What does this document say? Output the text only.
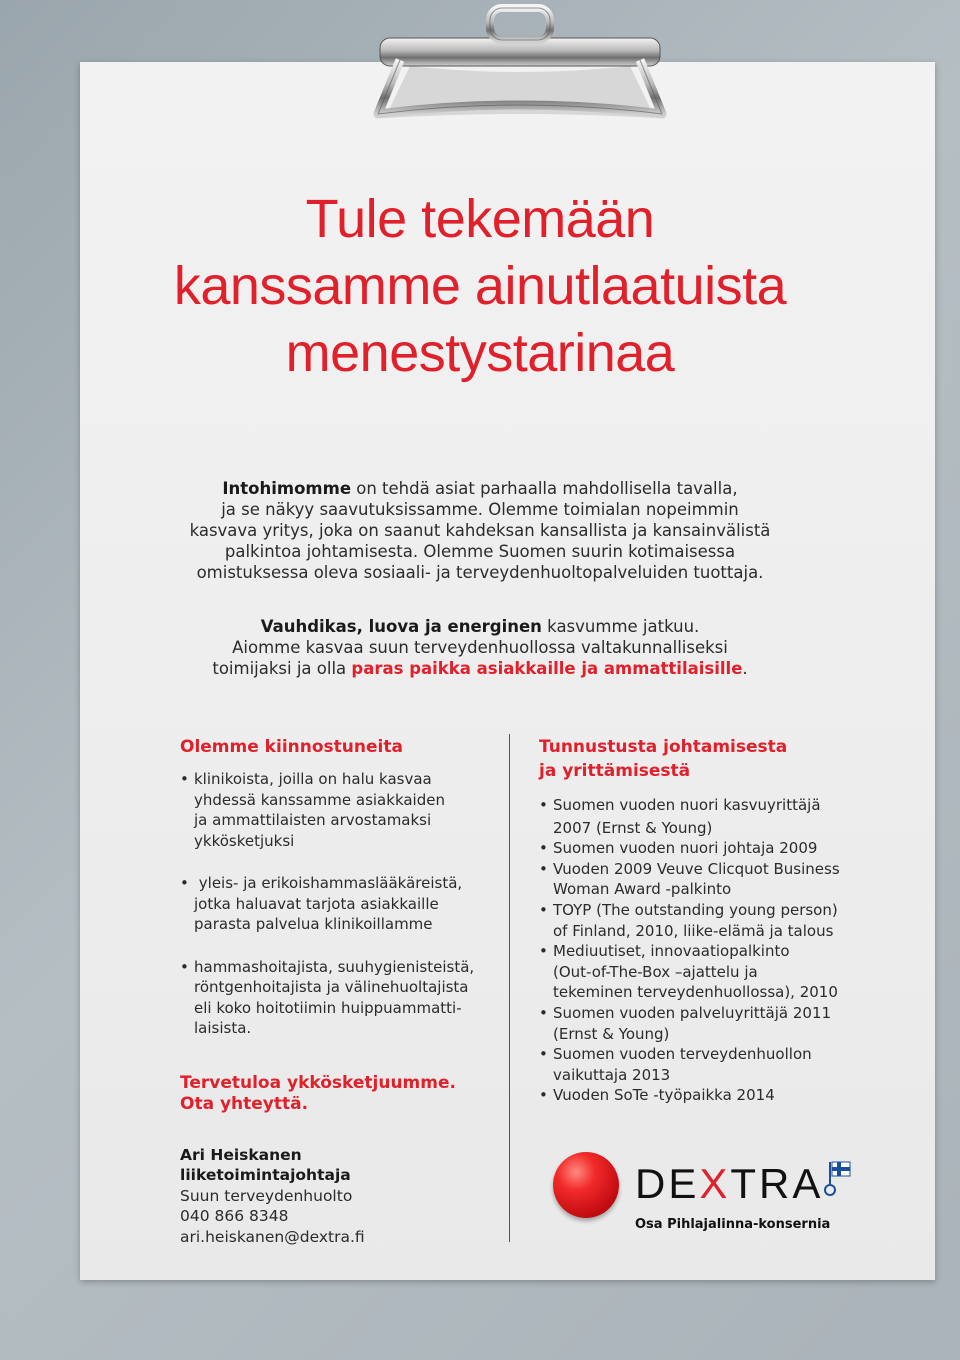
Tule tekemään
kanssamme ainutlaatuista
menestystarinaa

Intohimomme on tehdä asiat parhaalla mahdollisella tavalla,

ja se näkyy saavutuksissamme. Olemme toimialan nopeimmin

kasvava yritys, joka on saanut kahdeksan kansallista ja kansainvälistä

palkintoa johtamisesta. Olemme Suomen suurin kotimaisessa

omistuksessa oleva sosiaali- ja terveydenhuoltopalveluiden tuottaja.

Vauhdikas, luova ja energinen kasvumme jatkuu.

Aiomme kasvaa suun terveydenhuollossa valtakunnalliseksi

toimijaksi ja olla paras paikka asiakkaille ja ammattilaisille.

Olemme kiinnostuneita

• klinikoista, joilla on halu kasvaa
yhdessä kanssamme asiakkaiden
ja ammattilaisten arvostamaksi
ykkösketjuksi
•  yleis- ja erikoishammaslääkäreistä,
jotka haluavat tarjota asiakkaille
parasta palvelua klinikoillamme
• hammashoitajista, suuhygienisteistä,
röntgenhoitajista ja välinehuoltajista
eli koko hoitotiimin huippuammatti-
laisista.
Tervetuloa ykkösketjuumme.
Ota yhteyttä.
Ari Heiskanen
liiketoimintajohtaja
Suun terveydenhuolto
040 866 8348
ari.heiskanen@dextra.fi
Tunnustusta johtamisesta
ja yrittämisestä
• Suomen vuoden nuori kasvuyrittäjä
2007 (Ernst & Young)
• Suomen vuoden nuori johtaja 2009
• Vuoden 2009 Veuve Clicquot Business
Woman Award -palkinto
• TOYP (The outstanding young person)
of Finland, 2010, liike-elämä ja talous
• Mediuutiset, innovaatiopalkinto
(Out-of-The-Box –ajattelu ja
tekeminen terveydenhuollossa), 2010
• Suomen vuoden palveluyrittäjä 2011
(Ernst & Young)
• Suomen vuoden terveydenhuollon
vaikuttaja 2013
• Vuoden SoTe -työpaikka 2014
DEXTRA
Osa Pihlajalinna-konsernia
